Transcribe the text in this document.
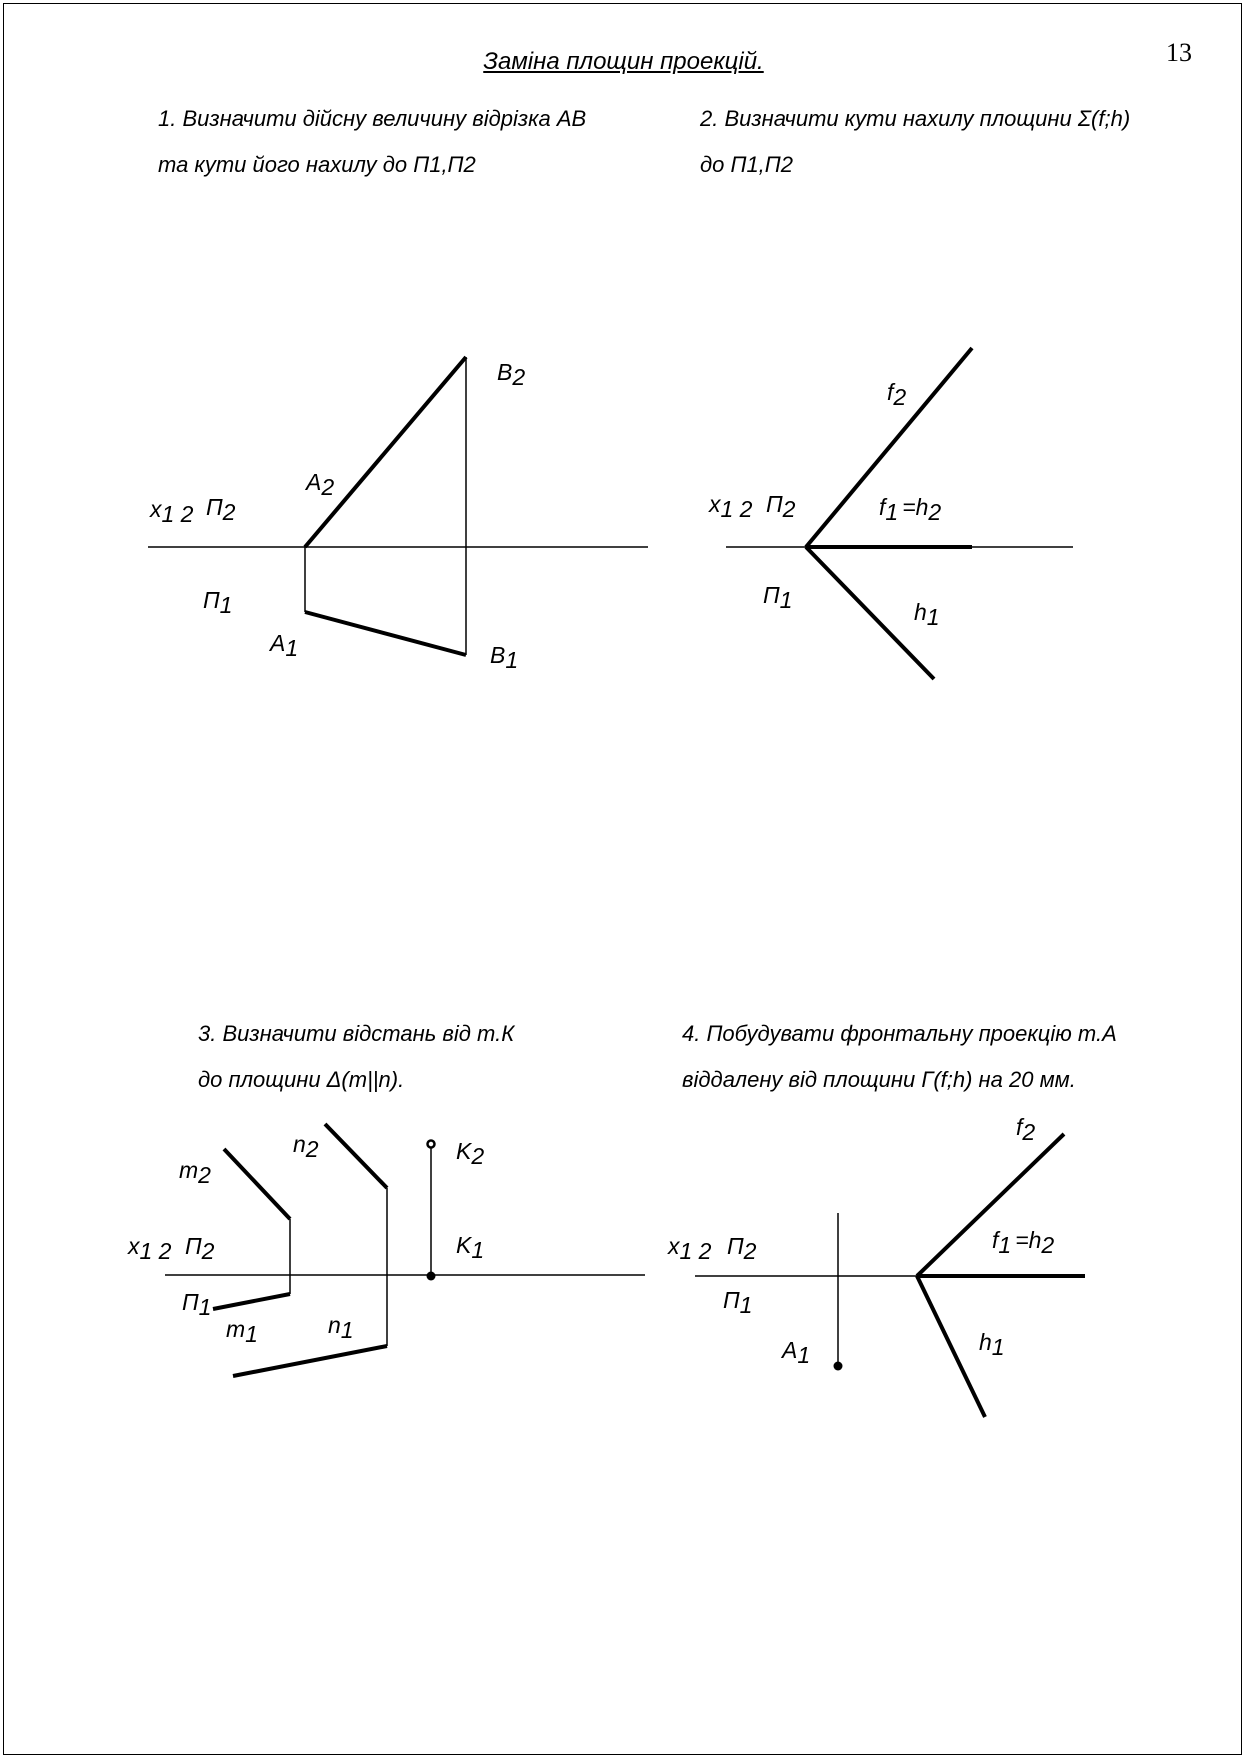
13
Заміна площин проекцій.
1. Визначити дійсну величину відрізка AB
та кути його нахилу до П1,П2
2. Визначити кути нахилу площини Σ(f;h)
до П1,П2
3. Визначити відстань від т.К
до площини Δ(m||n).
4. Побудувати фронтальну проекцію т.А
віддалену від площини Г(f;h) на 20 мм.
x1 2 П2
П1
A2
B2
A1	B1
x1 2 П2
П1
f2
f1 =h2
h1
x1 2 П2
П1
m2
n2	K2
K1
m1	n1
x1 2 П2
П1
A1
f2
f1 =h2
h1
